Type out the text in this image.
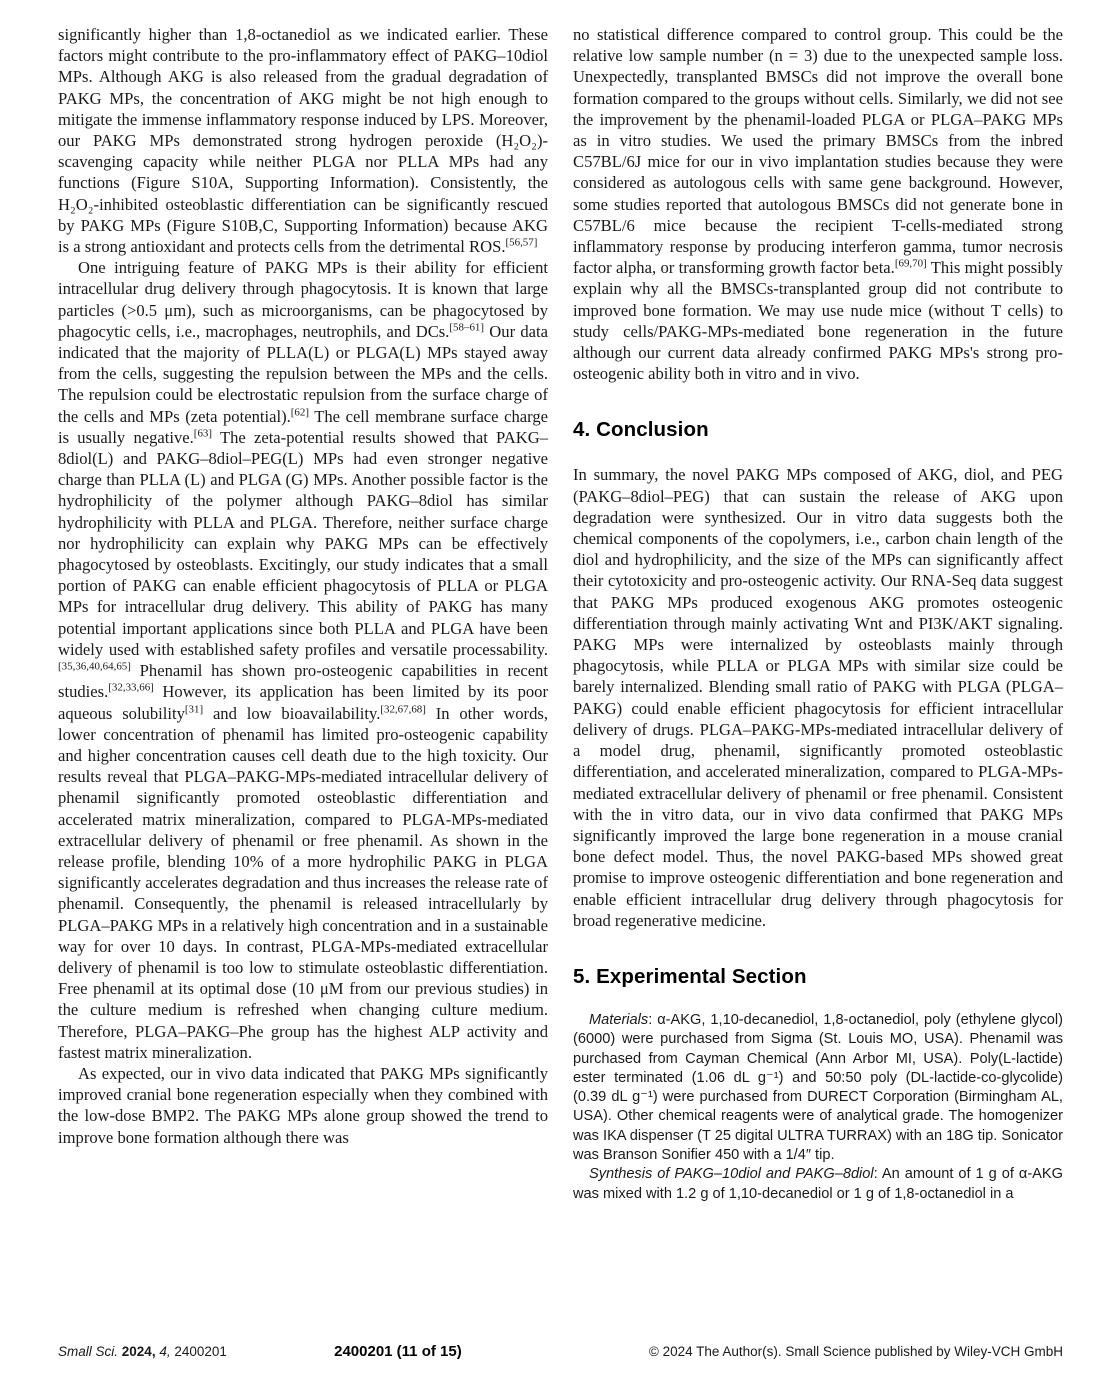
significantly higher than 1,8-octanediol as we indicated earlier. These factors might contribute to the pro-inflammatory effect of PAKG–10diol MPs. Although AKG is also released from the gradual degradation of PAKG MPs, the concentration of AKG might be not high enough to mitigate the immense inflammatory response induced by LPS. Moreover, our PAKG MPs demonstrated strong hydrogen peroxide (H₂O₂)-scavenging capacity while neither PLGA nor PLLA MPs had any functions (Figure S10A, Supporting Information). Consistently, the H₂O₂-inhibited osteoblastic differentiation can be significantly rescued by PAKG MPs (Figure S10B,C, Supporting Information) because AKG is a strong antioxidant and protects cells from the detrimental ROS.[56,57]

One intriguing feature of PAKG MPs is their ability for efficient intracellular drug delivery through phagocytosis. It is known that large particles (>0.5 μm), such as microorganisms, can be phagocytosed by phagocytic cells, i.e., macrophages, neutrophils, and DCs.[58–61] Our data indicated that the majority of PLLA(L) or PLGA(L) MPs stayed away from the cells, suggesting the repulsion between the MPs and the cells. The repulsion could be electrostatic repulsion from the surface charge of the cells and MPs (zeta potential).[62] The cell membrane surface charge is usually negative.[63] The zeta-potential results showed that PAKG–8diol(L) and PAKG–8diol–PEG(L) MPs had even stronger negative charge than PLLA (L) and PLGA (G) MPs. Another possible factor is the hydrophilicity of the polymer although PAKG–8diol has similar hydrophilicity with PLLA and PLGA. Therefore, neither surface charge nor hydrophilicity can explain why PAKG MPs can be effectively phagocytosed by osteoblasts. Excitingly, our study indicates that a small portion of PAKG can enable efficient phagocytosis of PLLA or PLGA MPs for intracellular drug delivery. This ability of PAKG has many potential important applications since both PLLA and PLGA have been widely used with established safety profiles and versatile processability.[35,36,40,64,65] Phenamil has shown pro-osteogenic capabilities in recent studies.[32,33,66] However, its application has been limited by its poor aqueous solubility[31] and low bioavailability.[32,67,68] In other words, lower concentration of phenamil has limited pro-osteogenic capability and higher concentration causes cell death due to the high toxicity. Our results reveal that PLGA–PAKG-MPs-mediated intracellular delivery of phenamil significantly promoted osteoblastic differentiation and accelerated matrix mineralization, compared to PLGA-MPs-mediated extracellular delivery of phenamil or free phenamil. As shown in the release profile, blending 10% of a more hydrophilic PAKG in PLGA significantly accelerates degradation and thus increases the release rate of phenamil. Consequently, the phenamil is released intracellularly by PLGA–PAKG MPs in a relatively high concentration and in a sustainable way for over 10 days. In contrast, PLGA-MPs-mediated extracellular delivery of phenamil is too low to stimulate osteoblastic differentiation. Free phenamil at its optimal dose (10 μM from our previous studies) in the culture medium is refreshed when changing culture medium. Therefore, PLGA–PAKG–Phe group has the highest ALP activity and fastest matrix mineralization.

As expected, our in vivo data indicated that PAKG MPs significantly improved cranial bone regeneration especially when they combined with the low-dose BMP2. The PAKG MPs alone group showed the trend to improve bone formation although there was

no statistical difference compared to control group. This could be the relative low sample number (n = 3) due to the unexpected sample loss. Unexpectedly, transplanted BMSCs did not improve the overall bone formation compared to the groups without cells. Similarly, we did not see the improvement by the phenamil-loaded PLGA or PLGA–PAKG MPs as in vitro studies. We used the primary BMSCs from the inbred C57BL/6J mice for our in vivo implantation studies because they were considered as autologous cells with same gene background. However, some studies reported that autologous BMSCs did not generate bone in C57BL/6 mice because the recipient T-cells-mediated strong inflammatory response by producing interferon gamma, tumor necrosis factor alpha, or transforming growth factor beta.[69,70] This might possibly explain why all the BMSCs-transplanted group did not contribute to improved bone formation. We may use nude mice (without T cells) to study cells/PAKG-MPs-mediated bone regeneration in the future although our current data already confirmed PAKG MPs's strong pro-osteogenic ability both in vitro and in vivo.

4. Conclusion

In summary, the novel PAKG MPs composed of AKG, diol, and PEG (PAKG–8diol–PEG) that can sustain the release of AKG upon degradation were synthesized. Our in vitro data suggests both the chemical components of the copolymers, i.e., carbon chain length of the diol and hydrophilicity, and the size of the MPs can significantly affect their cytotoxicity and pro-osteogenic activity. Our RNA-Seq data suggest that PAKG MPs produced exogenous AKG promotes osteogenic differentiation through mainly activating Wnt and PI3K/AKT signaling. PAKG MPs were internalized by osteoblasts mainly through phagocytosis, while PLLA or PLGA MPs with similar size could be barely internalized. Blending small ratio of PAKG with PLGA (PLGA–PAKG) could enable efficient phagocytosis for efficient intracellular delivery of drugs. PLGA–PAKG-MPs-mediated intracellular delivery of a model drug, phenamil, significantly promoted osteoblastic differentiation, and accelerated mineralization, compared to PLGA-MPs-mediated extracellular delivery of phenamil or free phenamil. Consistent with the in vitro data, our in vivo data confirmed that PAKG MPs significantly improved the large bone regeneration in a mouse cranial bone defect model. Thus, the novel PAKG-based MPs showed great promise to improve osteogenic differentiation and bone regeneration and enable efficient intracellular drug delivery through phagocytosis for broad regenerative medicine.

5. Experimental Section

Materials: α-AKG, 1,10-decanediol, 1,8-octanediol, poly (ethylene glycol) (6000) were purchased from Sigma (St. Louis MO, USA). Phenamil was purchased from Cayman Chemical (Ann Arbor MI, USA). Poly(L-lactide) ester terminated (1.06 dL g⁻¹) and 50:50 poly (DL-lactide-co-glycolide) (0.39 dL g⁻¹) were purchased from DURECT Corporation (Birmingham AL, USA). Other chemical reagents were of analytical grade. The homogenizer was IKA dispenser (T 25 digital ULTRA TURRAX) with an 18G tip. Sonicator was Branson Sonifier 450 with a 1/4″ tip.

Synthesis of PAKG–10diol and PAKG–8diol: An amount of 1 g of α-AKG was mixed with 1.2 g of 1,10-decanediol or 1 g of 1,8-octanediol in a

Small Sci. 2024, 4, 2400201	2400201 (11 of 15)	© 2024 The Author(s). Small Science published by Wiley-VCH GmbH
